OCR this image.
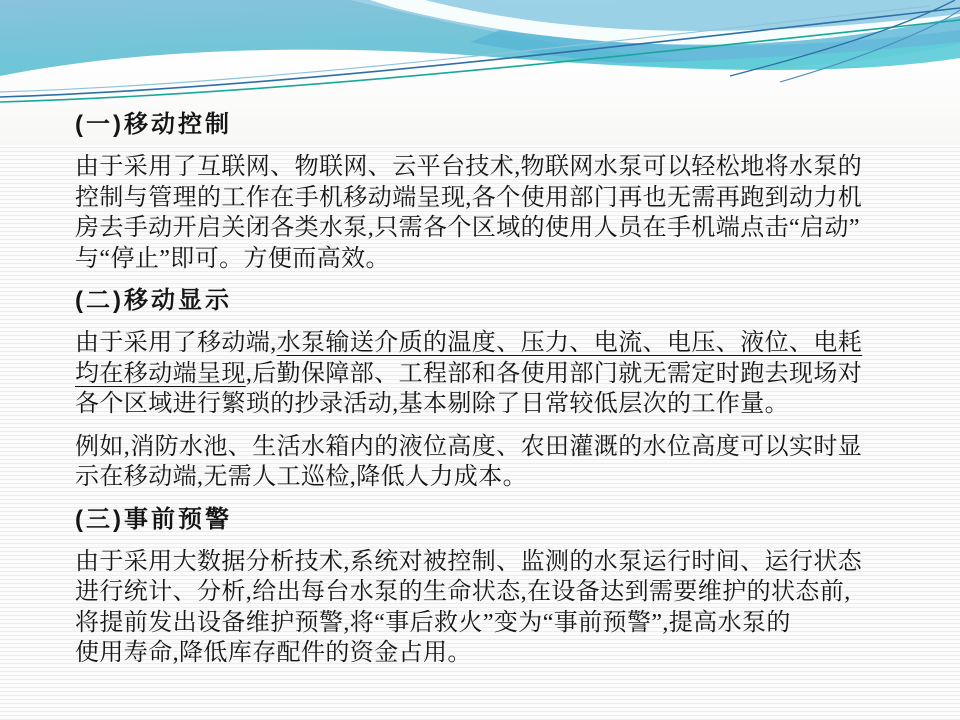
(一)移动控制
由于采用了互联网、物联网、云平台技术,物联网水泵可以轻松地将水泵的
控制与管理的工作在手机移动端呈现,各个使用部门再也无需再跑到动力机
房去手动开启关闭各类水泵,只需各个区域的使用人员在手机端点击“启动”
与“停止”即可。方便而高效。
(二)移动显示
由于采用了移动端,水泵输送介质的温度、压力、电流、电压、液位、电耗
均在移动端呈现,后勤保障部、工程部和各使用部门就无需定时跑去现场对
各个区域进行繁琐的抄录活动,基本剔除了日常较低层次的工作量。
例如,消防水池、生活水箱内的液位高度、农田灌溉的水位高度可以实时显
示在移动端,无需人工巡检,降低人力成本。
(三)事前预警
由于采用大数据分析技术,系统对被控制、监测的水泵运行时间、运行状态
进行统计、分析,给出每台水泵的生命状态,在设备达到需要维护的状态前,
将提前发出设备维护预警,将“事后救火”变为“事前预警”,提高水泵的
使用寿命,降低库存配件的资金占用。
